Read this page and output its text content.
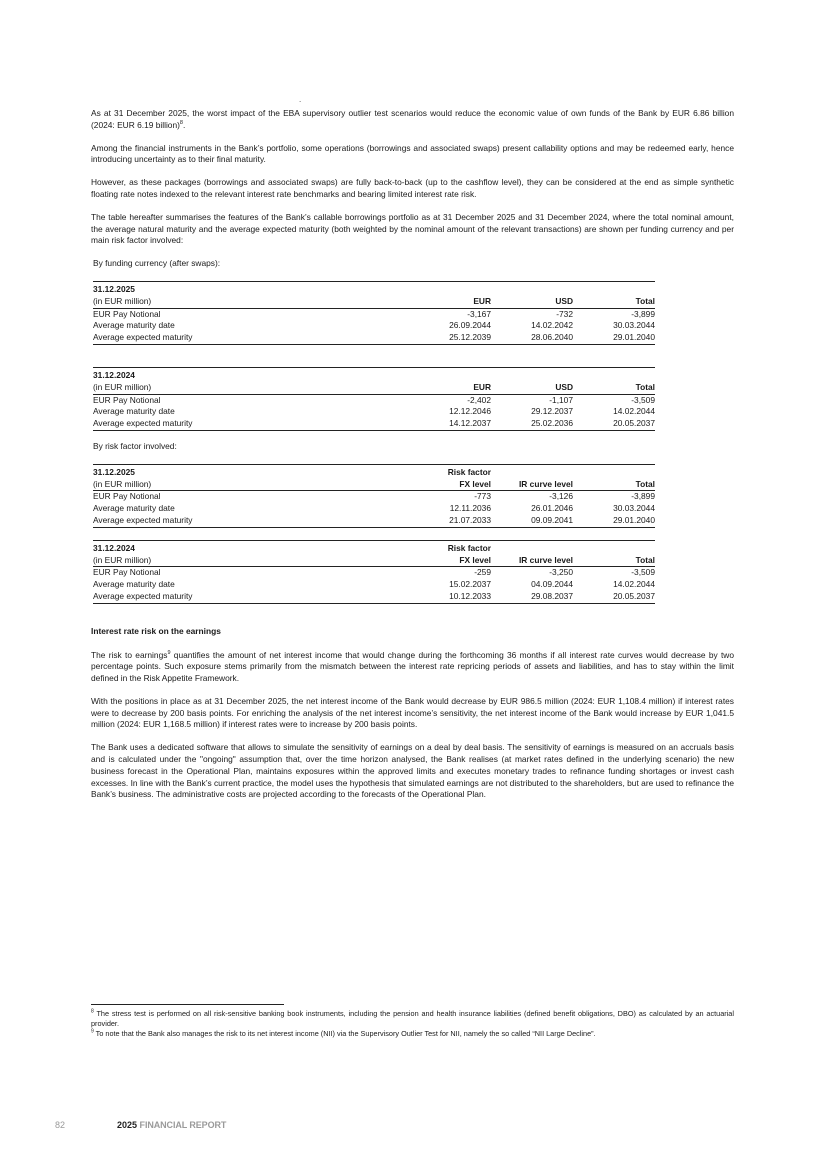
.

As at 31 December 2025, the worst impact of the EBA supervisory outlier test scenarios would reduce the economic value of own funds of the Bank by EUR 6.86 billion (2024: EUR 6.19 billion)$^8$.

Among the financial instruments in the Bank’s portfolio, some operations (borrowings and associated swaps) present callability options and may be redeemed early, hence introducing uncertainty as to their final maturity.

However, as these packages (borrowings and associated swaps) are fully back-to-back (up to the cashflow level), they can be considered at the end as simple synthetic floating rate notes indexed to the relevant interest rate benchmarks and bearing limited interest rate risk.

The table hereafter summarises the features of the Bank’s callable borrowings portfolio as at 31 December 2025 and 31 December 2024, where the total nominal amount, the average natural maturity and the average expected maturity (both weighted by the nominal amount of the relevant transactions) are shown per funding currency and per main risk factor involved:

By funding currency (after swaps):

31.12.2025			
(in EUR million)	EUR	USD	Total
EUR Pay Notional	-3,167	-732	-3,899
Average maturity date	26.09.2044	14.02.2042	30.03.2044
Average expected maturity	25.12.2039	28.06.2040	29.01.2040
31.12.2024			
(in EUR million)	EUR	USD	Total
EUR Pay Notional	-2,402	-1,107	-3,509
Average maturity date	12.12.2046	29.12.2037	14.02.2044
Average expected maturity	14.12.2037	25.02.2036	20.05.2037

By risk factor involved:

31.12.2025	Risk factor		
(in EUR million)	FX level	IR curve level	Total
EUR Pay Notional	-773	-3,126	-3,899
Average maturity date	12.11.2036	26.01.2046	30.03.2044
Average expected maturity	21.07.2033	09.09.2041	29.01.2040
31.12.2024	Risk factor		
(in EUR million)	FX level	IR curve level	Total
EUR Pay Notional	-259	-3,250	-3,509
Average maturity date	15.02.2037	04.09.2044	14.02.2044
Average expected maturity	10.12.2033	29.08.2037	20.05.2037

Interest rate risk on the earnings

The risk to earnings$^9$ quantifies the amount of net interest income that would change during the forthcoming 36 months if all interest rate curves would decrease by two percentage points. Such exposure stems primarily from the mismatch between the interest rate repricing periods of assets and liabilities, and has to stay within the limit defined in the Risk Appetite Framework.

With the positions in place as at 31 December 2025, the net interest income of the Bank would decrease by EUR 986.5 million (2024: EUR 1,108.4 million) if interest rates were to decrease by 200 basis points. For enriching the analysis of the net interest income’s sensitivity, the net interest income of the Bank would increase by EUR 1,041.5 million (2024: EUR 1,168.5 million) if interest rates were to increase by 200 basis points.

The Bank uses a dedicated software that allows to simulate the sensitivity of earnings on a deal by deal basis. The sensitivity of earnings is measured on an accruals basis and is calculated under the "ongoing" assumption that, over the time horizon analysed, the Bank realises (at market rates defined in the underlying scenario) the new business forecast in the Operational Plan, maintains exposures within the approved limits and executes monetary trades to refinance funding shortages or invest cash excesses. In line with the Bank’s current practice, the model uses the hypothesis that simulated earnings are not distributed to the shareholders, but are used to refinance the Bank’s business. The administrative costs are projected according to the forecasts of the Operational Plan.

$^8$ The stress test is performed on all risk-sensitive banking book instruments, including the pension and health insurance liabilities (defined benefit obligations, DBO) as calculated by an actuarial provider.

$^9$ To note that the Bank also manages the risk to its net interest income (NII) via the Supervisory Outlier Test for NII, namely the so called “NII Large Decline”.

82	2025 FINANCIAL REPORT
